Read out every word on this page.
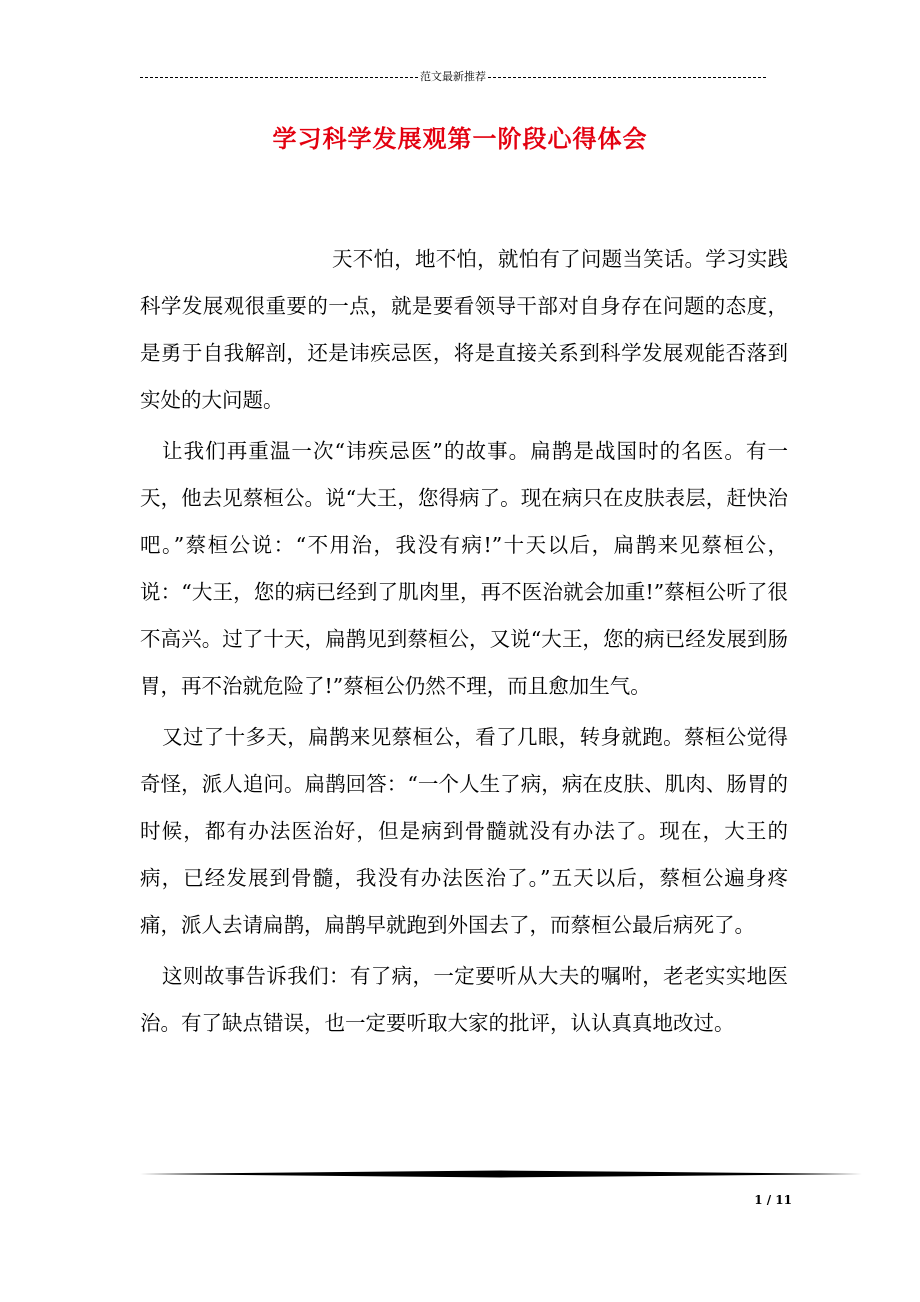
范文最新推荐
学习科学发展观第一阶段心得体会

天不怕，地不怕，就怕有了问题当笑话。学习实践科学发展观很重要的一点，就是要看领导干部对自身存在问题的态度，是勇于自我解剖，还是讳疾忌医，将是直接关系到科学发展观能否落到实处的大问题。

让我们再重温一次“讳疾忌医”的故事。扁鹊是战国时的名医。有一天，他去见蔡桓公。说“大王，您得病了。现在病只在皮肤表层，赶快治吧。”蔡桓公说：“不用治，我没有病!”十天以后，扁鹊来见蔡桓公，说：“大王，您的病已经到了肌肉里，再不医治就会加重!”蔡桓公听了很不高兴。过了十天，扁鹊见到蔡桓公，又说“大王，您的病已经发展到肠胃，再不治就危险了!”蔡桓公仍然不理，而且愈加生气。

又过了十多天，扁鹊来见蔡桓公，看了几眼，转身就跑。蔡桓公觉得奇怪，派人追问。扁鹊回答：“一个人生了病，病在皮肤、肌肉、肠胃的时候，都有办法医治好，但是病到骨髓就没有办法了。现在，大王的病，已经发展到骨髓，我没有办法医治了。”五天以后，蔡桓公遍身疼痛，派人去请扁鹊，扁鹊早就跑到外国去了，而蔡桓公最后病死了。

这则故事告诉我们：有了病，一定要听从大夫的嘱咐，老老实实地医治。有了缺点错误，也一定要听取大家的批评，认认真真地改过。

1 / 11
